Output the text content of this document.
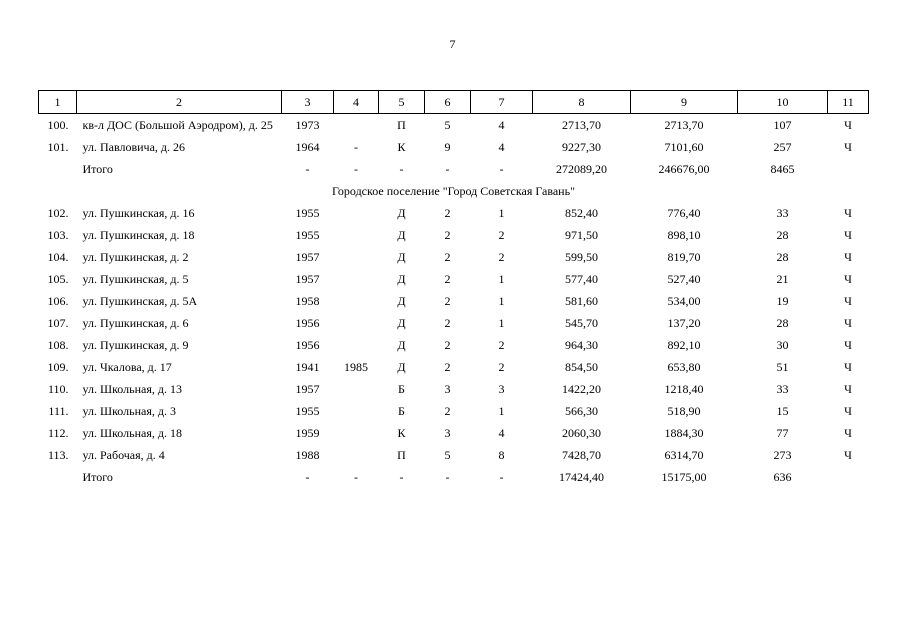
7
1	2	3	4	5	6	7	8	9	10	11
100.	кв-л ДОС (Большой Аэродром), д. 25	1973		П	5	4	2713,70	2713,70	107	Ч
101.	ул. Павловича, д. 26	1964	-	К	9	4	9227,30	7101,60	257	Ч
	Итого	-	-	-	-	-	272089,20	246676,00	8465	
Городское поселение "Город Советская Гавань"										
102.	ул. Пушкинская, д. 16	1955		Д	2	1	852,40	776,40	33	Ч
103.	ул. Пушкинская, д. 18	1955		Д	2	2	971,50	898,10	28	Ч
104.	ул. Пушкинская, д. 2	1957		Д	2	2	599,50	819,70	28	Ч
105.	ул. Пушкинская, д. 5	1957		Д	2	1	577,40	527,40	21	Ч
106.	ул. Пушкинская, д. 5А	1958		Д	2	1	581,60	534,00	19	Ч
107.	ул. Пушкинская, д. 6	1956		Д	2	1	545,70	137,20	28	Ч
108.	ул. Пушкинская, д. 9	1956		Д	2	2	964,30	892,10	30	Ч
109.	ул. Чкалова, д. 17	1941	1985	Д	2	2	854,50	653,80	51	Ч
110.	ул. Школьная, д. 13	1957		Б	3	3	1422,20	1218,40	33	Ч
111.	ул. Школьная, д. 3	1955		Б	2	1	566,30	518,90	15	Ч
112.	ул. Школьная, д. 18	1959		К	3	4	2060,30	1884,30	77	Ч
113.	ул. Рабочая, д. 4	1988		П	5	8	7428,70	6314,70	273	Ч
	Итого	-	-	-	-	-	17424,40	15175,00	636	
